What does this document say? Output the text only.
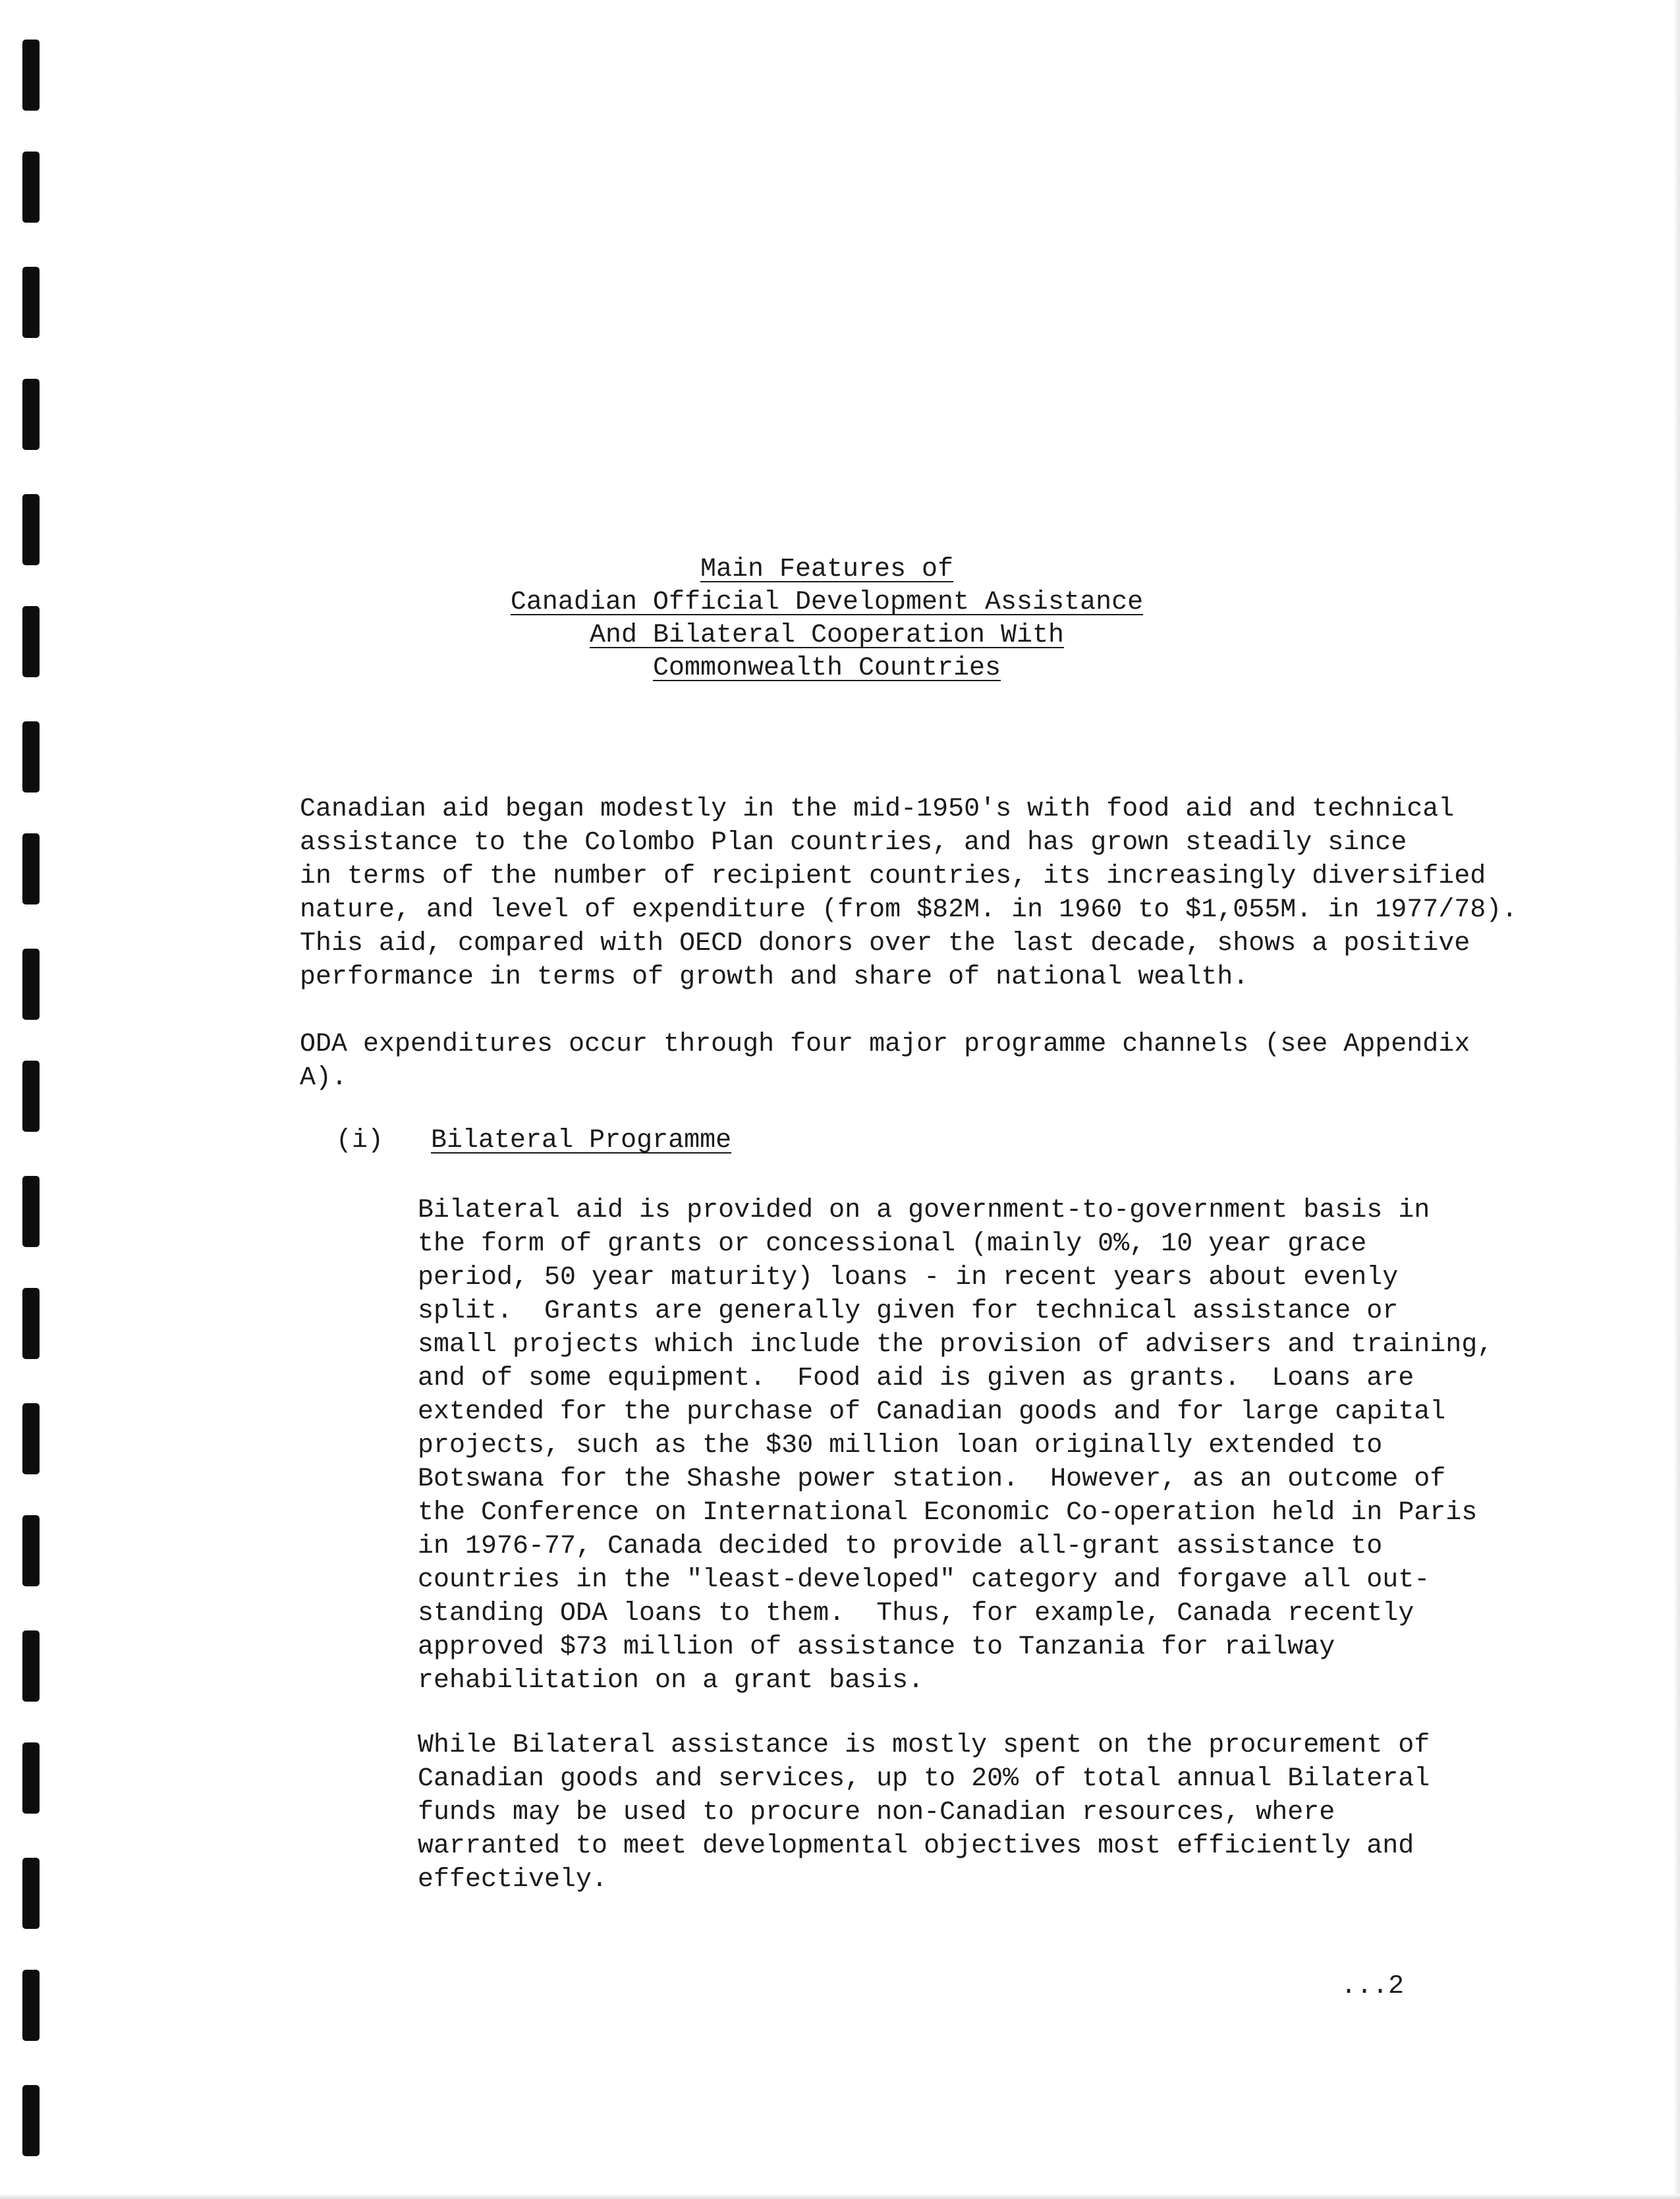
Main Features of
Canadian Official Development Assistance
And Bilateral Cooperation With
Commonwealth Countries

Canadian aid began modestly in the mid-1950's with food aid and technical
assistance to the Colombo Plan countries, and has grown steadily since
in terms of the number of recipient countries, its increasingly diversified
nature, and level of expenditure (from $82M. in 1960 to $1,055M. in 1977/78).
This aid, compared with OECD donors over the last decade, shows a positive
performance in terms of growth and share of national wealth.

ODA expenditures occur through four major programme channels (see Appendix
A).

(i) Bilateral Programme

Bilateral aid is provided on a government-to-government basis in
the form of grants or concessional (mainly 0%, 10 year grace
period, 50 year maturity) loans - in recent years about evenly
split.  Grants are generally given for technical assistance or
small projects which include the provision of advisers and training,
and of some equipment.  Food aid is given as grants.  Loans are
extended for the purchase of Canadian goods and for large capital
projects, such as the $30 million loan originally extended to
Botswana for the Shashe power station.  However, as an outcome of
the Conference on International Economic Co-operation held in Paris
in 1976-77, Canada decided to provide all-grant assistance to
countries in the "least-developed" category and forgave all out-
standing ODA loans to them.  Thus, for example, Canada recently
approved $73 million of assistance to Tanzania for railway
rehabilitation on a grant basis.

While Bilateral assistance is mostly spent on the procurement of
Canadian goods and services, up to 20% of total annual Bilateral
funds may be used to procure non-Canadian resources, where
warranted to meet developmental objectives most efficiently and
effectively.

...2
